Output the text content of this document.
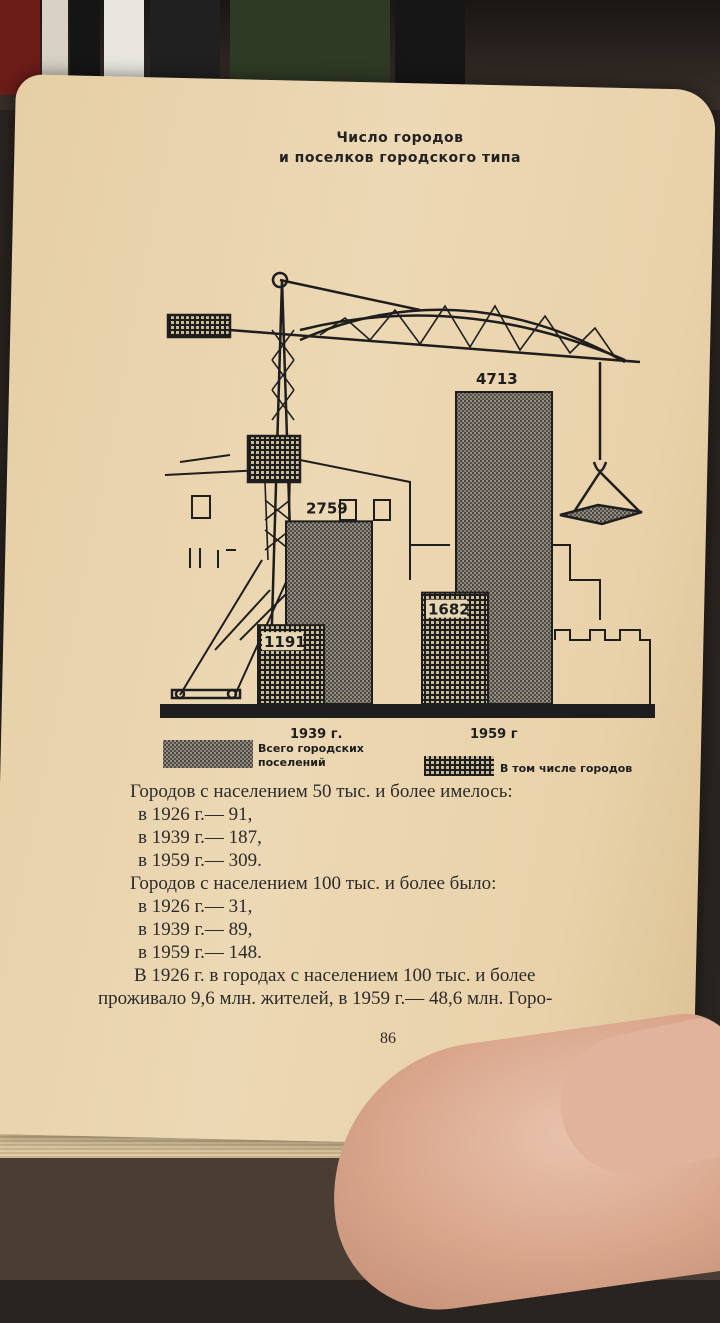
Число городов
и поселков городского типа
2759
1191
4713
1682
1939 г.	1959 г
Всего городских
поселений	В том числе городов
Городов с населением 50 тыс. и более имелось:
в 1926 г.— 91,
в 1939 г.— 187,
в 1959 г.— 309.
Городов с населением 100 тыс. и более было:
в 1926 г.— 31,
в 1939 г.— 89,
в 1959 г.— 148.
В 1926 г. в городах с населением 100 тыс. и более
проживало 9,6 млн. жителей, в 1959 г.— 48,6 млн. Горо-
86
